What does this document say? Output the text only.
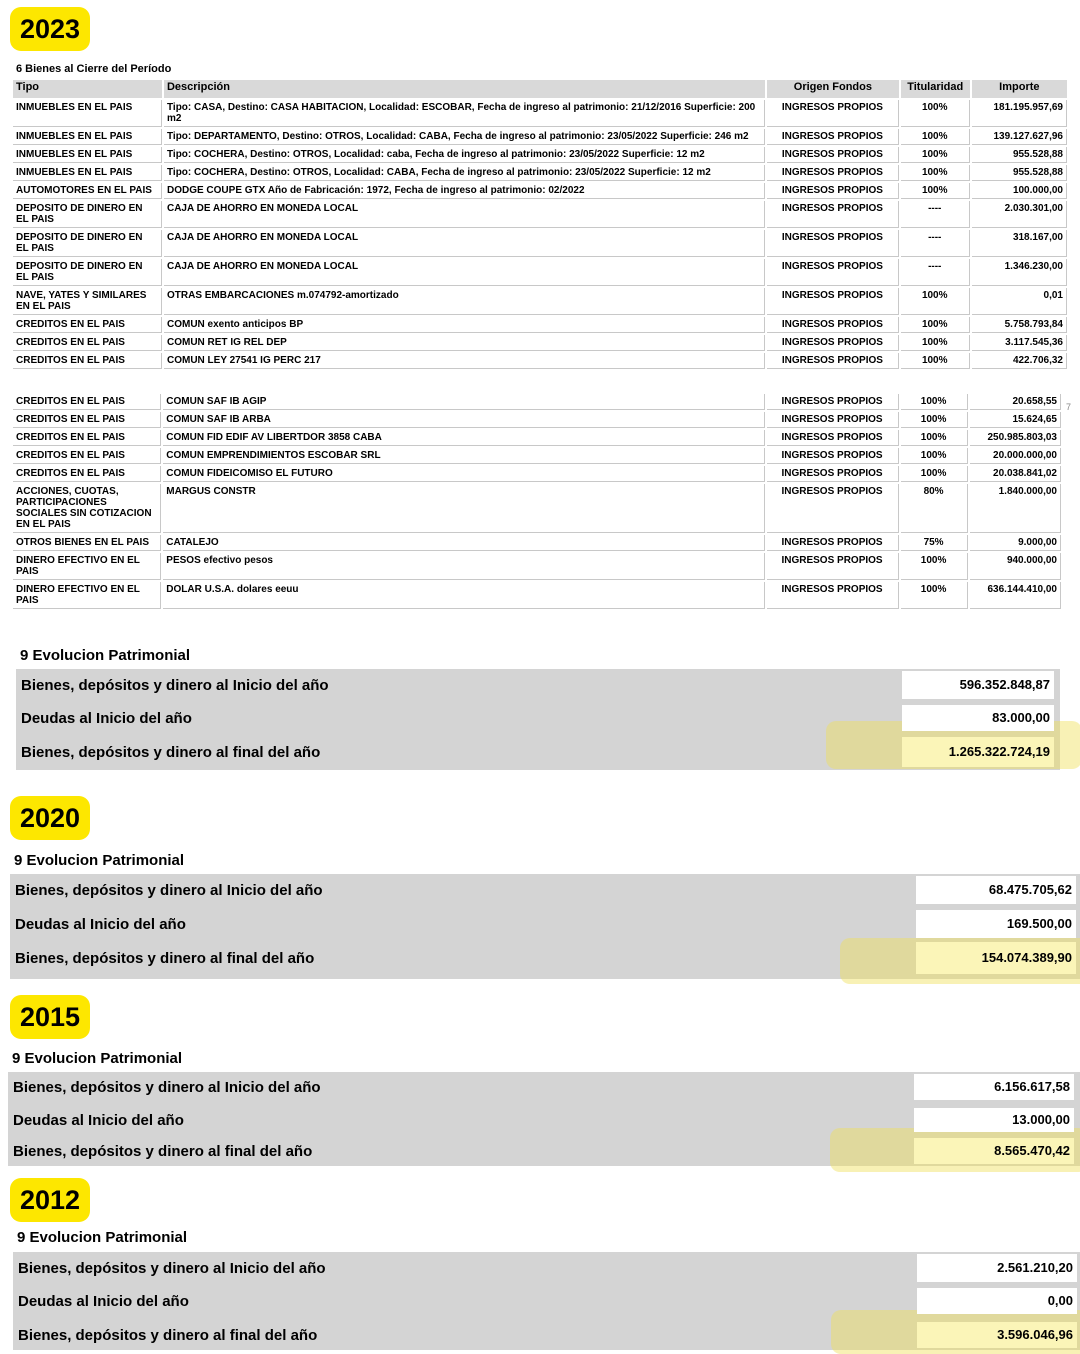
2023
2020
2015
2012
6 Bienes al Cierre del Período
Tipo	Descripción	Origen Fondos	Titularidad	Importe
INMUEBLES EN EL PAIS	Tipo: CASA, Destino: CASA HABITACION, Localidad: ESCOBAR, Fecha de ingreso al patrimonio: 21/12/2016 Superficie: 200 m2	INGRESOS PROPIOS	100%	181.195.957,69
INMUEBLES EN EL PAIS	Tipo: DEPARTAMENTO, Destino: OTROS, Localidad: CABA, Fecha de ingreso al patrimonio: 23/05/2022 Superficie: 246 m2	INGRESOS PROPIOS	100%	139.127.627,96
INMUEBLES EN EL PAIS	Tipo: COCHERA, Destino: OTROS, Localidad: caba, Fecha de ingreso al patrimonio: 23/05/2022 Superficie: 12 m2	INGRESOS PROPIOS	100%	955.528,88
INMUEBLES EN EL PAIS	Tipo: COCHERA, Destino: OTROS, Localidad: CABA, Fecha de ingreso al patrimonio: 23/05/2022 Superficie: 12 m2	INGRESOS PROPIOS	100%	955.528,88
AUTOMOTORES EN EL PAIS	DODGE COUPE GTX Año de Fabricación: 1972, Fecha de ingreso al patrimonio: 02/2022	INGRESOS PROPIOS	100%	100.000,00
DEPOSITO DE DINERO EN EL PAIS	CAJA DE AHORRO EN MONEDA LOCAL	INGRESOS PROPIOS	----	2.030.301,00
DEPOSITO DE DINERO EN EL PAIS	CAJA DE AHORRO EN MONEDA LOCAL	INGRESOS PROPIOS	----	318.167,00
DEPOSITO DE DINERO EN EL PAIS	CAJA DE AHORRO EN MONEDA LOCAL	INGRESOS PROPIOS	----	1.346.230,00
NAVE, YATES Y SIMILARES EN EL PAIS	OTRAS EMBARCACIONES m.074792-amortizado	INGRESOS PROPIOS	100%	0,01
CREDITOS EN EL PAIS	COMUN exento anticipos BP	INGRESOS PROPIOS	100%	5.758.793,84
CREDITOS EN EL PAIS	COMUN RET IG REL DEP	INGRESOS PROPIOS	100%	3.117.545,36
CREDITOS EN EL PAIS	COMUN LEY 27541 IG PERC 217	INGRESOS PROPIOS	100%	422.706,32
CREDITOS EN EL PAIS	COMUN SAF IB AGIP	INGRESOS PROPIOS	100%	20.658,55
CREDITOS EN EL PAIS	COMUN SAF IB ARBA	INGRESOS PROPIOS	100%	15.624,65
CREDITOS EN EL PAIS	COMUN FID EDIF AV LIBERTDOR 3858 CABA	INGRESOS PROPIOS	100%	250.985.803,03
CREDITOS EN EL PAIS	COMUN EMPRENDIMIENTOS ESCOBAR SRL	INGRESOS PROPIOS	100%	20.000.000,00
CREDITOS EN EL PAIS	COMUN FIDEICOMISO EL FUTURO	INGRESOS PROPIOS	100%	20.038.841,02
ACCIONES, CUOTAS, PARTICIPACIONES SOCIALES SIN COTIZACION EN EL PAIS	MARGUS CONSTR	INGRESOS PROPIOS	80%	1.840.000,00
OTROS BIENES EN EL PAIS	CATALEJO	INGRESOS PROPIOS	75%	9.000,00
DINERO EFECTIVO EN EL PAIS	PESOS efectivo pesos	INGRESOS PROPIOS	100%	940.000,00
DINERO EFECTIVO EN EL PAIS	DOLAR U.S.A. dolares eeuu	INGRESOS PROPIOS	100%	636.144.410,00
7
9 Evolucion Patrimonial
Bienes, depósitos y dinero al Inicio del año	596.352.848,87
Deudas al Inicio del año	83.000,00
Bienes, depósitos y dinero al final del año	1.265.322.724,19
9 Evolucion Patrimonial
Bienes, depósitos y dinero al Inicio del año	68.475.705,62
Deudas al Inicio del año	169.500,00
Bienes, depósitos y dinero al final del año	154.074.389,90
9 Evolucion Patrimonial
Bienes, depósitos y dinero al Inicio del año	6.156.617,58
Deudas al Inicio del año	13.000,00
Bienes, depósitos y dinero al final del año	8.565.470,42
9 Evolucion Patrimonial
Bienes, depósitos y dinero al Inicio del año	2.561.210,20
Deudas al Inicio del año	0,00
Bienes, depósitos y dinero al final del año	3.596.046,96
